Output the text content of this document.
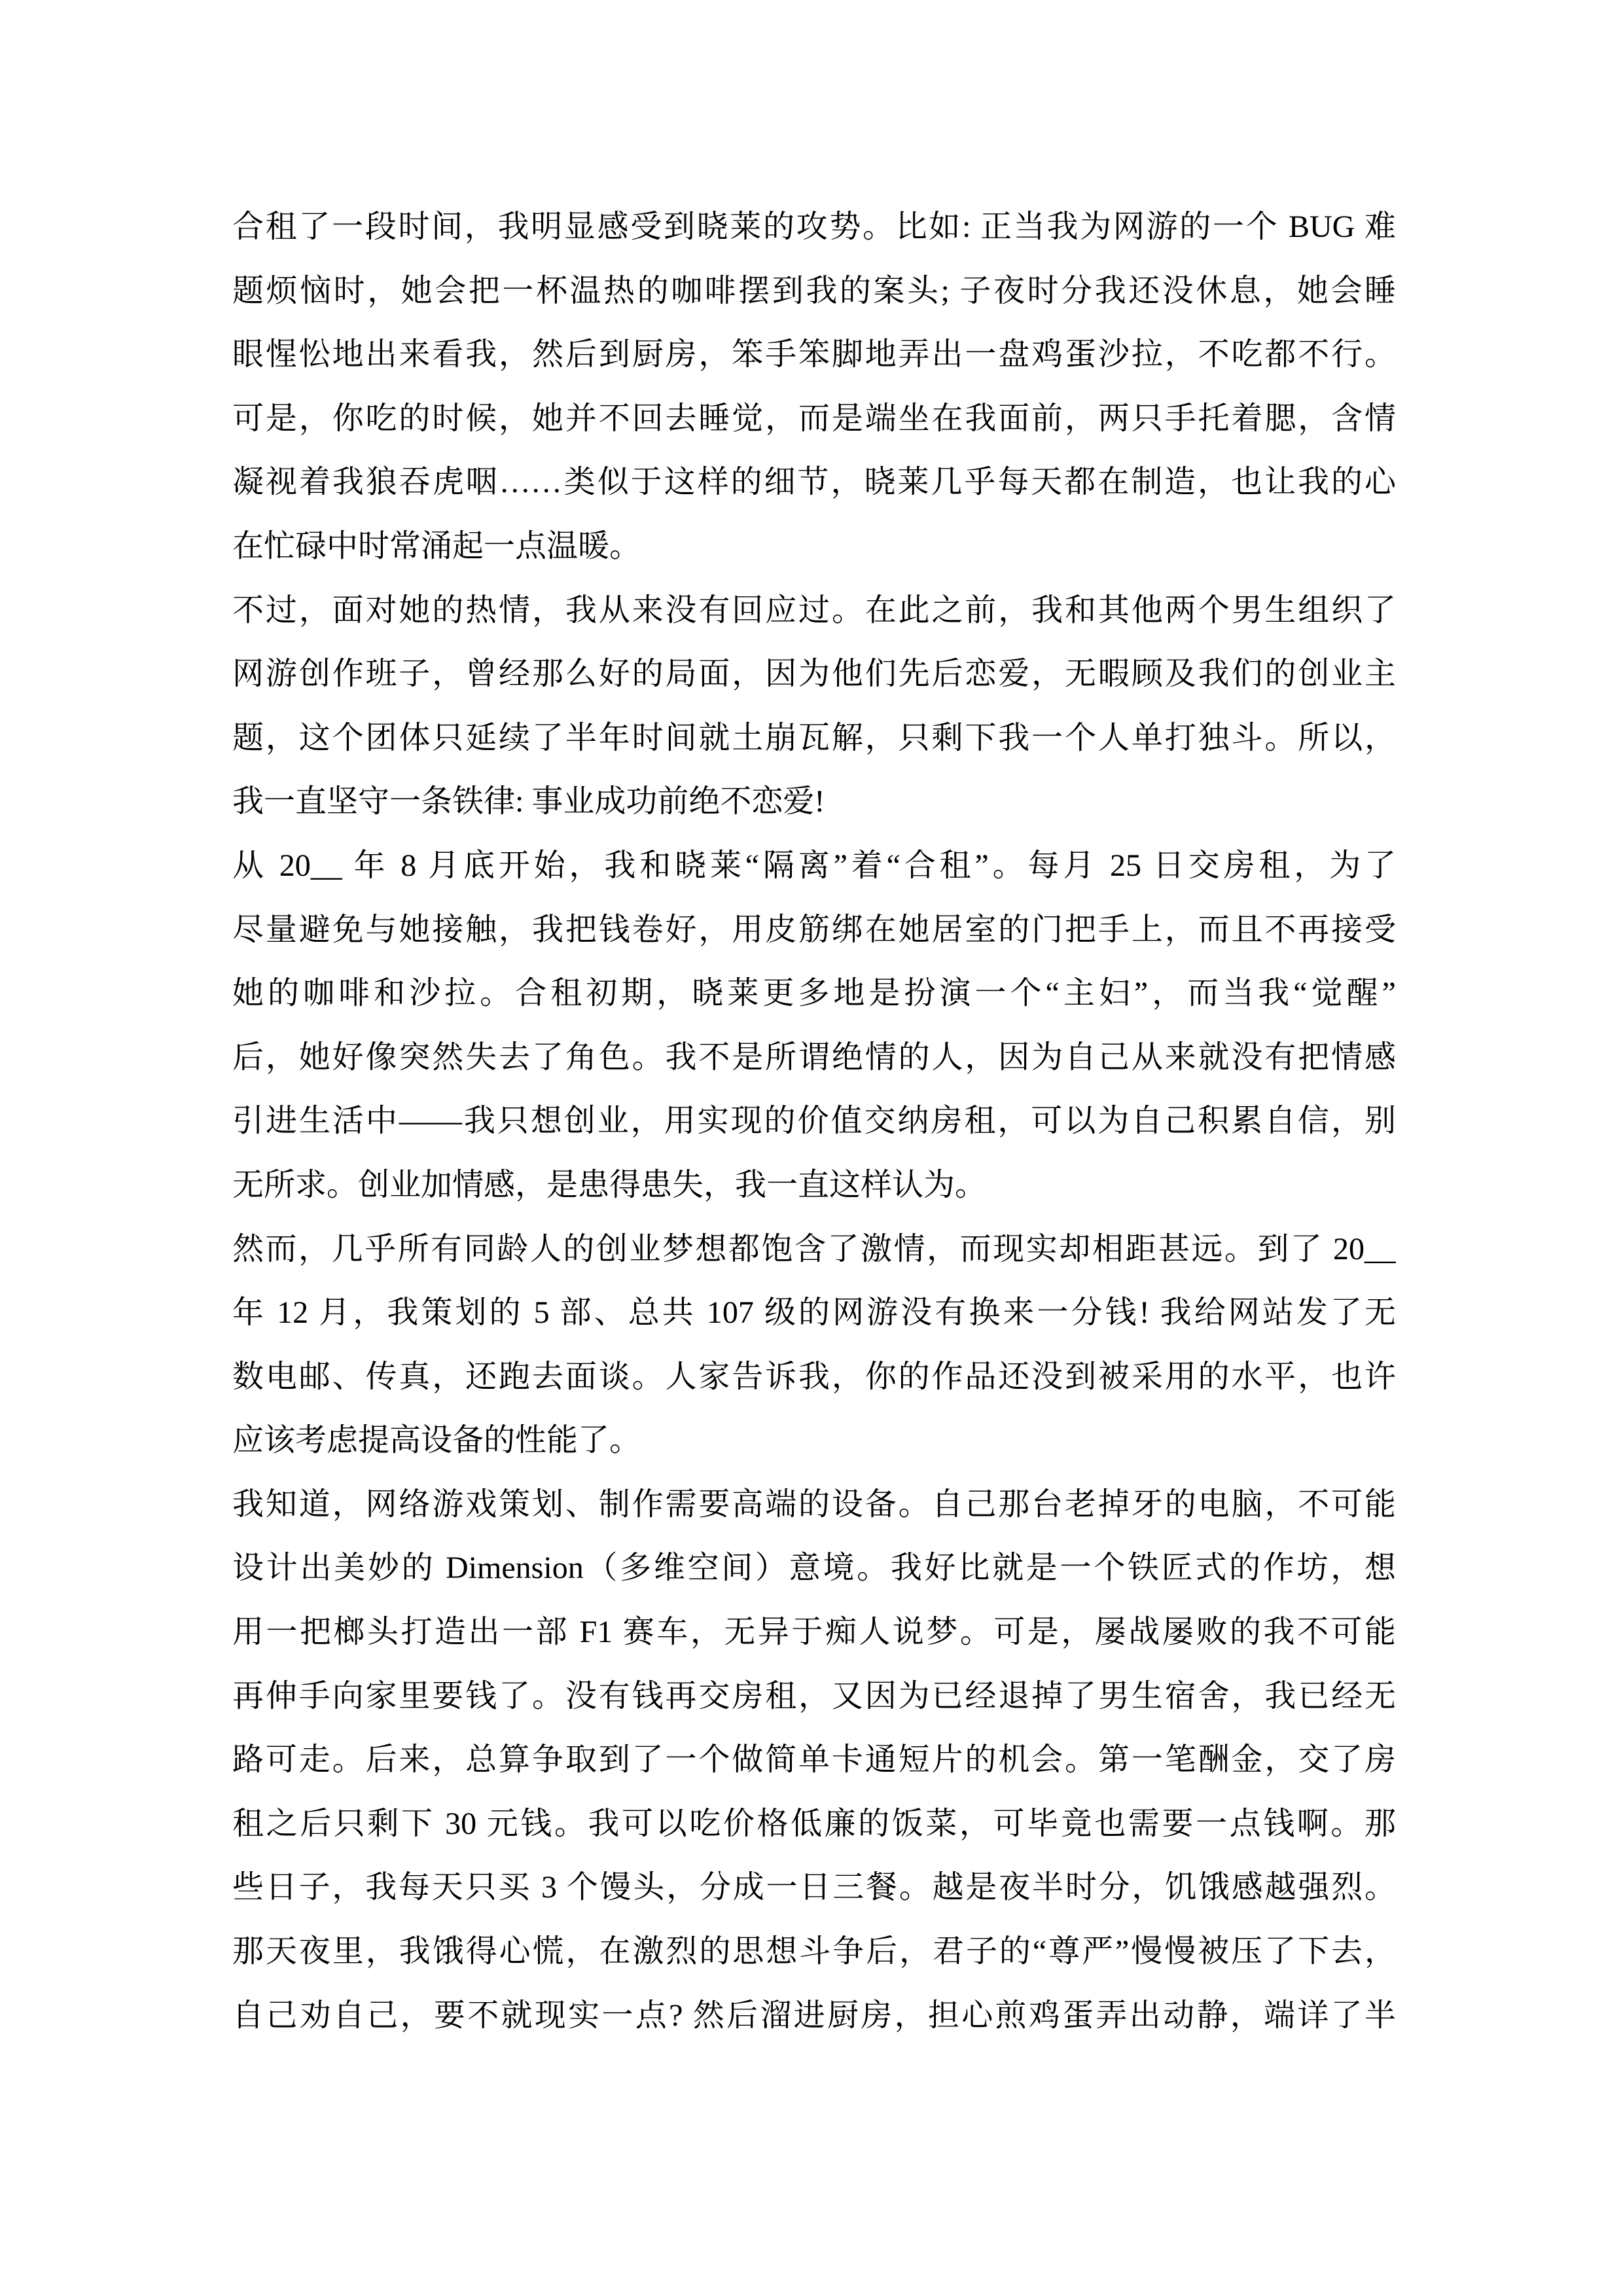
合租了一段时间，我明显感受到晓莱的攻势。比如: 正当我为网游的一个 BUG 难
题烦恼时，她会把一杯温热的咖啡摆到我的案头; 子夜时分我还没休息，她会睡
眼惺忪地出来看我，然后到厨房，笨手笨脚地弄出一盘鸡蛋沙拉，不吃都不行。
可是，你吃的时候，她并不回去睡觉，而是端坐在我面前，两只手托着腮，含情
凝视着我狼吞虎咽……类似于这样的细节，晓莱几乎每天都在制造，也让我的心
在忙碌中时常涌起一点温暖。
不过，面对她的热情，我从来没有回应过。在此之前，我和其他两个男生组织了
网游创作班子，曾经那么好的局面，因为他们先后恋爱，无暇顾及我们的创业主
题，这个团体只延续了半年时间就土崩瓦解，只剩下我一个人单打独斗。所以，
我一直坚守一条铁律: 事业成功前绝不恋爱!
从 20__ 年 8 月底开始，我和晓莱“隔离”着“合租”。每月 25 日交房租，为了
尽量避免与她接触，我把钱卷好，用皮筋绑在她居室的门把手上，而且不再接受
她的咖啡和沙拉。合租初期，晓莱更多地是扮演一个“主妇”，而当我“觉醒”
后，她好像突然失去了角色。我不是所谓绝情的人，因为自己从来就没有把情感
引进生活中——我只想创业，用实现的价值交纳房租，可以为自己积累自信，别
无所求。创业加情感，是患得患失，我一直这样认为。
然而，几乎所有同龄人的创业梦想都饱含了激情，而现实却相距甚远。到了 20__
年 12 月，我策划的 5 部、总共 107 级的网游没有换来一分钱! 我给网站发了无
数电邮、传真，还跑去面谈。人家告诉我，你的作品还没到被采用的水平，也许
应该考虑提高设备的性能了。
我知道，网络游戏策划、制作需要高端的设备。自己那台老掉牙的电脑，不可能
设计出美妙的 Dimension（多维空间）意境。我好比就是一个铁匠式的作坊，想
用一把榔头打造出一部 F1 赛车，无异于痴人说梦。可是，屡战屡败的我不可能
再伸手向家里要钱了。没有钱再交房租，又因为已经退掉了男生宿舍，我已经无
路可走。后来，总算争取到了一个做简单卡通短片的机会。第一笔酬金，交了房
租之后只剩下 30 元钱。我可以吃价格低廉的饭菜，可毕竟也需要一点钱啊。那
些日子，我每天只买 3 个馒头，分成一日三餐。越是夜半时分，饥饿感越强烈。
那天夜里，我饿得心慌，在激烈的思想斗争后，君子的“尊严”慢慢被压了下去，
自己劝自己，要不就现实一点? 然后溜进厨房，担心煎鸡蛋弄出动静，端详了半
